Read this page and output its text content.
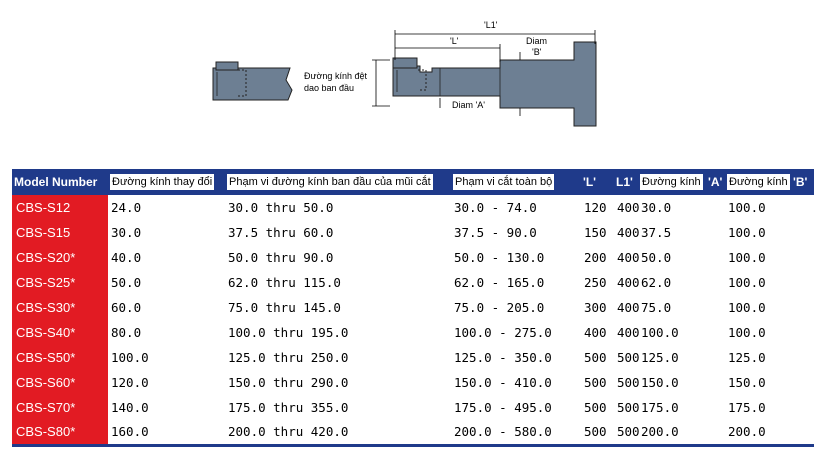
Đường kính đệt
dao ban đầu
'L1'
'L'	Diam
'B'
Diam 'A'
Model Number	Đường kính thay đổi	Phạm vi đường kính ban đầu của mũi cắt	Phạm vi cắt toàn bộ	'L'	L1'	Đường kính	'A'	Đường kính	'B'
CBS-S12	24.0	30.0 thru 50.0	30.0 - 74.0	120	400	30.0		100.0	
CBS-S15	30.0	37.5 thru 60.0	37.5 - 90.0	150	400	37.5		100.0	
CBS-S20*	40.0	50.0 thru 90.0	50.0 - 130.0	200	400	50.0		100.0	
CBS-S25*	50.0	62.0 thru 115.0	62.0 - 165.0	250	400	62.0		100.0	
CBS-S30*	60.0	75.0 thru 145.0	75.0 - 205.0	300	400	75.0		100.0	
CBS-S40*	80.0	100.0 thru 195.0	100.0 - 275.0	400	400	100.0		100.0	
CBS-S50*	100.0	125.0 thru 250.0	125.0 - 350.0	500	500	125.0		125.0	
CBS-S60*	120.0	150.0 thru 290.0	150.0 - 410.0	500	500	150.0		150.0	
CBS-S70*	140.0	175.0 thru 355.0	175.0 - 495.0	500	500	175.0		175.0	
CBS-S80*	160.0	200.0 thru 420.0	200.0 - 580.0	500	500	200.0		200.0	
